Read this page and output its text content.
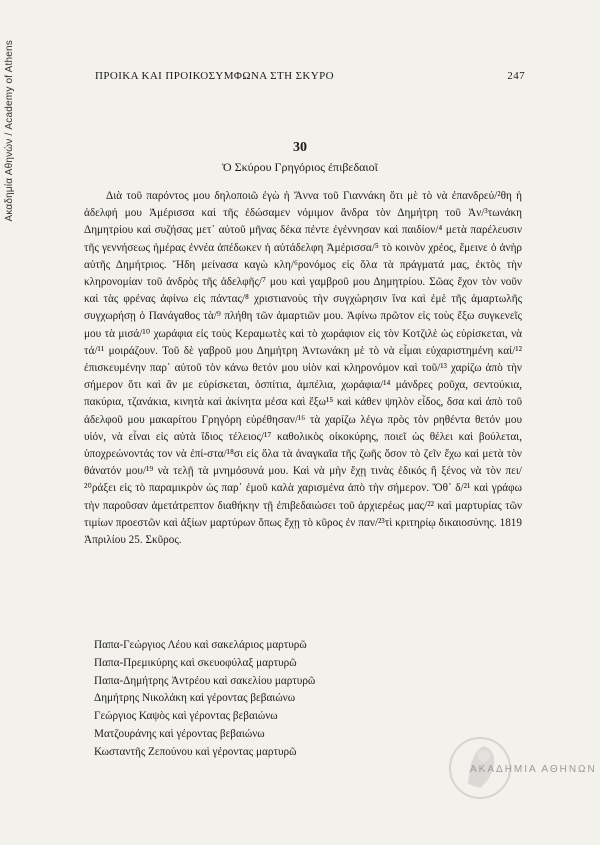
Ακαδημία Αθηνών / Academy of Athens	ΠΡΟΙΚΑ ΚΑΙ ΠΡΟΙΚΟΣΥΜΦΩΝΑ ΣΤΗ ΣΚΥΡΟ	247
30
Ὁ Σκύρου Γρηγόριος ἐπιβεδαιοῖ

Διὰ τοῦ παρόντος μου δηλοποιῶ ἐγὼ ἡ Ἄννα τοῦ Γιαννάκη ὅτι μὲ τὸ νὰ ἐπανδρεύ/²θη ἡ ἀδελφή μου Ἀμέρισσα καὶ τῆς ἐδώσαμεν νόμιμον ἄνδρα τὸν Δημήτρη τοῦ Ἀν/³τωνάκη Δημητρίου καὶ συζήσας μετ᾽ αὐτοῦ μῆνας δέκα πέντε ἐγέννησαν καὶ παιδίον/⁴ μετὰ παρέλευσιν τῆς γεννήσεως ἡμέρας ἐννέα ἀπέδωκεν ἡ αὐτάδελφη Ἀμέρισσα/⁵ τὸ κοινὸν χρέος, ἔμεινε ὁ ἀνὴρ αὐτῆς Δημήτριος. Ἤδη μείνασα καγὼ κλη/⁶ρονόμος εἰς ὅλα τὰ πράγματά μας, ἐκτὸς τὴν κληρονομίαν τοῦ ἀνδρὸς τῆς ἀδελφῆς/⁷ μου καὶ γαμβροῦ μου Δημητρίου. Σῶας ἔχον τὸν νοῦν καὶ τὰς φρένας ἀφίνω εἰς πάντας/⁸ χριστιανοὺς τὴν συγχώρησιν ἵνα καὶ ἐμὲ τῆς ἁμαρτωλῆς συγχωρήσῃ ὁ Πανάγαθος τὰ/⁹ πλήθη τῶν ἁμαρτιῶν μου. Ἀφίνω πρῶτον εἰς τοὺς ἔξω συγκενεῖς μου τὰ μισά/¹⁰ χωράφια εἰς τοὺς Κεραμωτὲς καὶ τὸ χωράφιον εἰς τὸν Κοτζιλὲ ὡς εὑρίσκεται, νὰ τά/¹¹ μοιράζουν. Τοῦ δὲ γαβροῦ μου Δημήτρη Ἀντωνάκη μὲ τὸ νὰ εἶμαι εὐχαριστημένη καί/¹² ἐπισκευμένην παρ᾽ αὐτοῦ τὸν κάνω θετόν μου υἱὸν καὶ κληρονόμον καὶ τοῦ/¹³ χαρίζω ἀπὸ τὴν σήμερον ὅτι καὶ ἂν με εὑρίσκεται, ὀσπίτια, ἀμπέλια, χωράφια/¹⁴ μάνδρες ροῦχα, σεντούκια, πακύρια, τζανάκια, κινητὰ καὶ ἀκίνητα μέσα καὶ ἔξω¹⁵ καὶ κάθεν ψηλὸν εἶδος, δσα καὶ ἀπὸ τοῦ ἀδελφοῦ μου μακαρίτου Γρηγόρη εὑρέθησαν/¹⁶ τὰ χαρίζω λέγω πρὸς τὸν ρηθέντα θετόν μου υἱόν, νὰ εἶναι εἰς αὐτὰ ἴδιος τέλειος/¹⁷ καθολικὸς οἰκοκύρης, ποιεῖ ὡς θέλει καὶ βούλεται, ὑποχρεώνοντάς τον νὰ ἐπί-στα/¹⁸σι εἰς ὅλα τὰ ἀναγκαῖα τῆς ζωῆς ὅσον τὸ ζεῖν ἔχω καὶ μετὰ τὸν θάνατόν μου/¹⁹ νὰ τελῇ τὰ μνημόσυνά μου. Καὶ νὰ μὴν ἔχῃ τινὰς ἐδικός ἢ ξένος νὰ τὸν πει/²⁰ράξει εἰς τὸ παραμικρὸν ὡς παρ᾽ ἐμοῦ καλὰ χαρισμένα ἀπὸ τὴν σήμερον. Ὅθ᾽ δ/²¹ καὶ γράφω τὴν παροῦσαν ἀμετάτρεπτον διαθήκην τῇ ἐπιβεδαιώσει τοῦ ἀρχιερέως μας/²² καὶ μαρτυρίας τῶν τιμίων προεστῶν καὶ ἀξίων μαρτύρων ὅπως ἔχῃ τὸ κῦρος ἐν παν/²³τὶ κριτηρίῳ δικαιοσύνης. 1819 Ἀπριλίου 25. Σκῦρος.

Παπα-Γεώργιος Λέου καὶ σακελάριος μαρτυρῶ
Παπα-Πρεμικύρης καὶ σκευοφύλαξ μαρτυρῶ
Παπα-Δημήτρης Ἀντρέου καὶ σακελίου μαρτυρῶ
Δημήτρης Νικολάκη καὶ γέροντας βεβαιώνω
Γεώργιος Καψὸς καὶ γέροντας βεβαιώνω
Ματζουράνης καὶ γέροντας βεβαιώνω
Κωσταντῆς Ζεπούνου καὶ γέροντας μαρτυρῶ
ΑΚΑΔΗΜΙΑ ΑΘΗΝΩΝ
